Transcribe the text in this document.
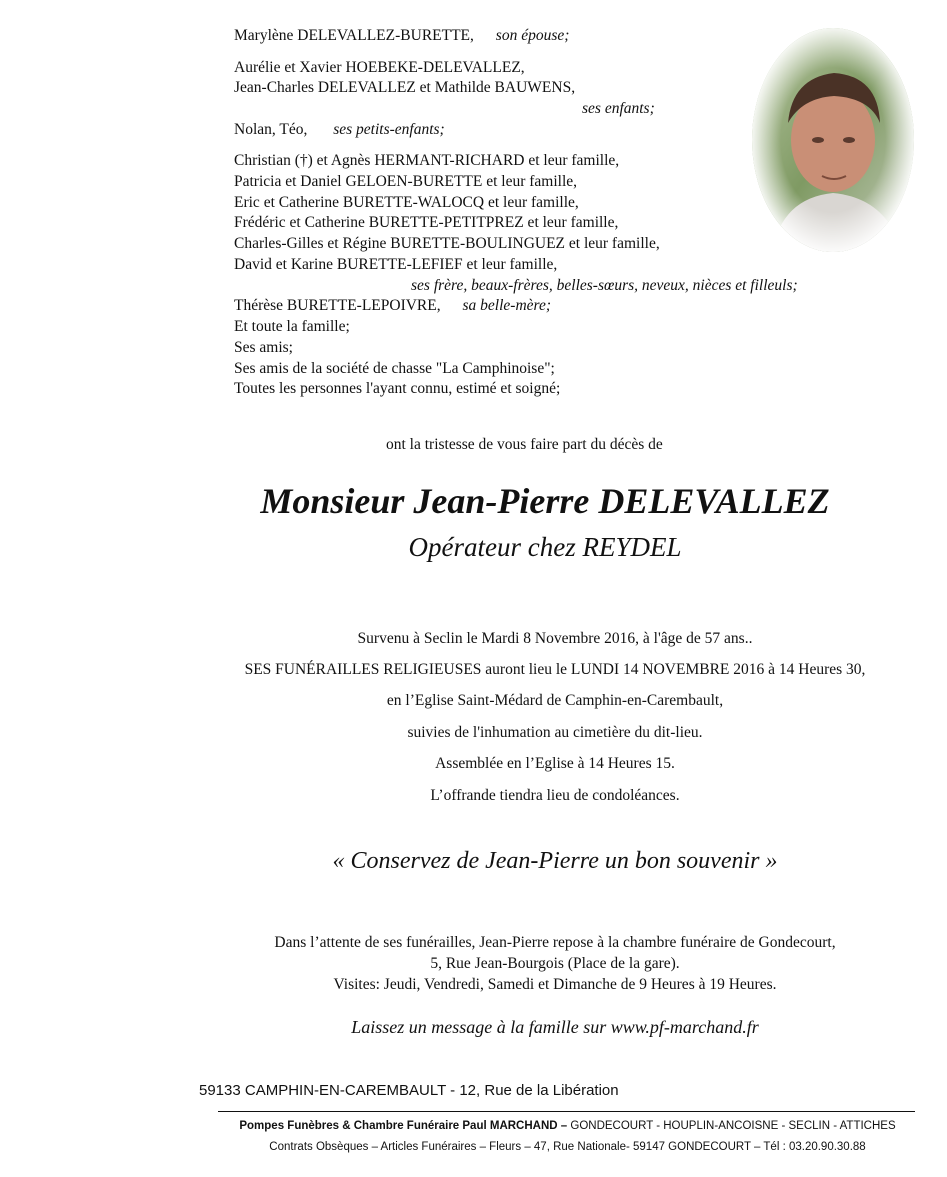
Marylène DELEVALLEZ-BURETTE, son épouse;
Aurélie et Xavier HOEBEKE-DELEVALLEZ,
Jean-Charles DELEVALLEZ et Mathilde BAUWENS,
ses enfants;
Nolan, Téo, ses petits-enfants;
Christian (†) et Agnès HERMANT-RICHARD et leur famille,
Patricia et Daniel GELOEN-BURETTE et leur famille,
Eric et Catherine BURETTE-WALOCQ et leur famille,
Frédéric et Catherine BURETTE-PETITPREZ et leur famille,
Charles-Gilles et Régine BURETTE-BOULINGUEZ et leur famille,
David et Karine BURETTE-LEFIEF et leur famille,
ses frère, beaux-frères, belles-sœurs, neveux, nièces et filleuls;
Thérèse BURETTE-LEPOIVRE, sa belle-mère;
Et toute la famille;
Ses amis;
Ses amis de la société de chasse "La Camphinoise";
Toutes les personnes l'ayant connu, estimé et soigné;
ont la tristesse de vous faire part du décès de
Monsieur Jean-Pierre DELEVALLEZ
Opérateur chez REYDEL
Survenu à Seclin le Mardi 8 Novembre 2016, à l'âge de 57 ans..
SES FUNÉRAILLES RELIGIEUSES auront lieu le LUNDI 14 NOVEMBRE 2016 à 14 Heures 30,
en l’Eglise Saint-Médard de Camphin-en-Carembault,
suivies de l'inhumation au cimetière du dit-lieu.
Assemblée en l’Eglise à 14 Heures 15.
L’offrande tiendra lieu de condoléances.
« Conservez de Jean-Pierre un bon souvenir »
Dans l’attente de ses funérailles, Jean-Pierre repose à la chambre funéraire de Gondecourt,
5, Rue Jean-Bourgois (Place de la gare).
Visites: Jeudi, Vendredi, Samedi et Dimanche de 9 Heures à 19 Heures.
Laissez un message à la famille sur www.pf-marchand.fr
59133 CAMPHIN-EN-CAREMBAULT - 12, Rue de la Libération
Pompes Funèbres & Chambre Funéraire Paul MARCHAND – GONDECOURT - HOUPLIN-ANCOISNE - SECLIN - ATTICHES
Contrats Obsèques – Articles Funéraires – Fleurs – 47, Rue Nationale- 59147 GONDECOURT – Tél : 03.20.90.30.88
